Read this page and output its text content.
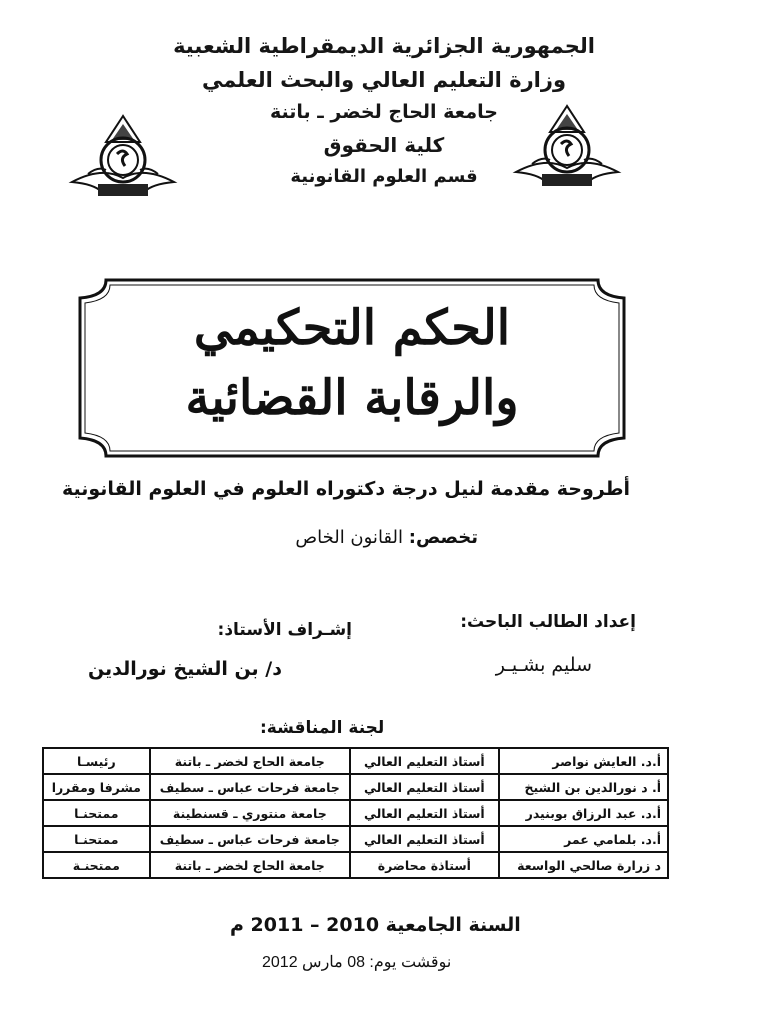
الجمهورية الجزائرية الديمقراطية الشعبية
وزارة التعليم العالي والبحث العلمي
جامعة الحاج لخضر ـ باتنة
كلية الحقوق
قسم العلوم القانونية
الحكم التحكيمي
والرقابة القضائية
أطروحة مقدمة لنيل درجة دكتوراه العلوم في العلوم القانونية
تخصص: القانون الخاص
إعداد الطالب الباحث:
إشـراف الأستاذ:
سليم بشـيـر
د/ بن الشيخ نورالدين
لجنة المناقشة:
أ.د. العايش نواصر	أستاذ التعليم العالي	جامعة الحاج لخضر ـ باتنة	رئيسـا
أ. د نورالدين بن الشيخ	أستاذ التعليم العالي	جامعة فرحات عباس ـ سطيف	مشرفا ومقررا
أ.د. عبد الرزاق بوبنيدر	أستاذ التعليم العالي	جامعة منتوري ـ قسنطينة	ممتحنـا
أ.د. بلمامي عمر	أستاذ التعليم العالي	جامعة فرحات عباس ـ سطيف	ممتحنـا
د زرارة صالحي الواسعة	أستاذة محاضرة	جامعة الحاج لخضر ـ باتنة	ممتحنـة
السنة الجامعية 2010 – 2011 م
نوقشت يوم: 08 مارس 2012
